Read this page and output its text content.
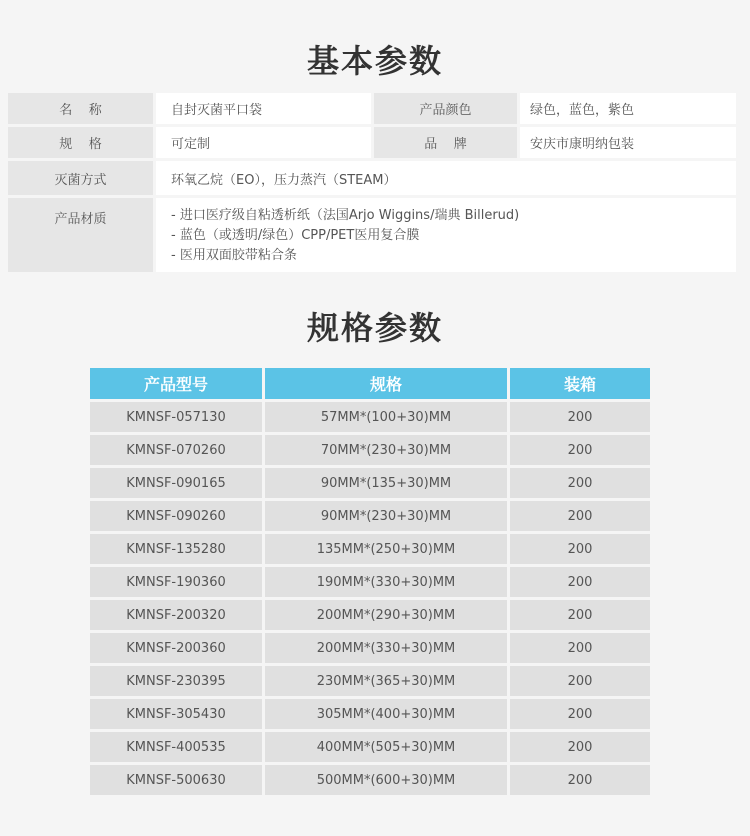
基本参数
名    称	自封灭菌平口袋	产品颜色	绿色，蓝色，紫色
规    格	可定制	品    牌	安庆市康明纳包装
灭菌方式	环氧乙烷（EO），压力蒸汽（STEAM）
产品材质	- 进口医疗级自粘透析纸（法国Arjo Wiggins/瑞典 Billerud)
- 蓝色（或透明/绿色）CPP/PET医用复合膜
- 医用双面胶带粘合条
规格参数
产品型号	规格	装箱
KMNSF-057130	57MM*(100+30)MM	200
KMNSF-070260	70MM*(230+30)MM	200
KMNSF-090165	90MM*(135+30)MM	200
KMNSF-090260	90MM*(230+30)MM	200
KMNSF-135280	135MM*(250+30)MM	200
KMNSF-190360	190MM*(330+30)MM	200
KMNSF-200320	200MM*(290+30)MM	200
KMNSF-200360	200MM*(330+30)MM	200
KMNSF-230395	230MM*(365+30)MM	200
KMNSF-305430	305MM*(400+30)MM	200
KMNSF-400535	400MM*(505+30)MM	200
KMNSF-500630	500MM*(600+30)MM	200
